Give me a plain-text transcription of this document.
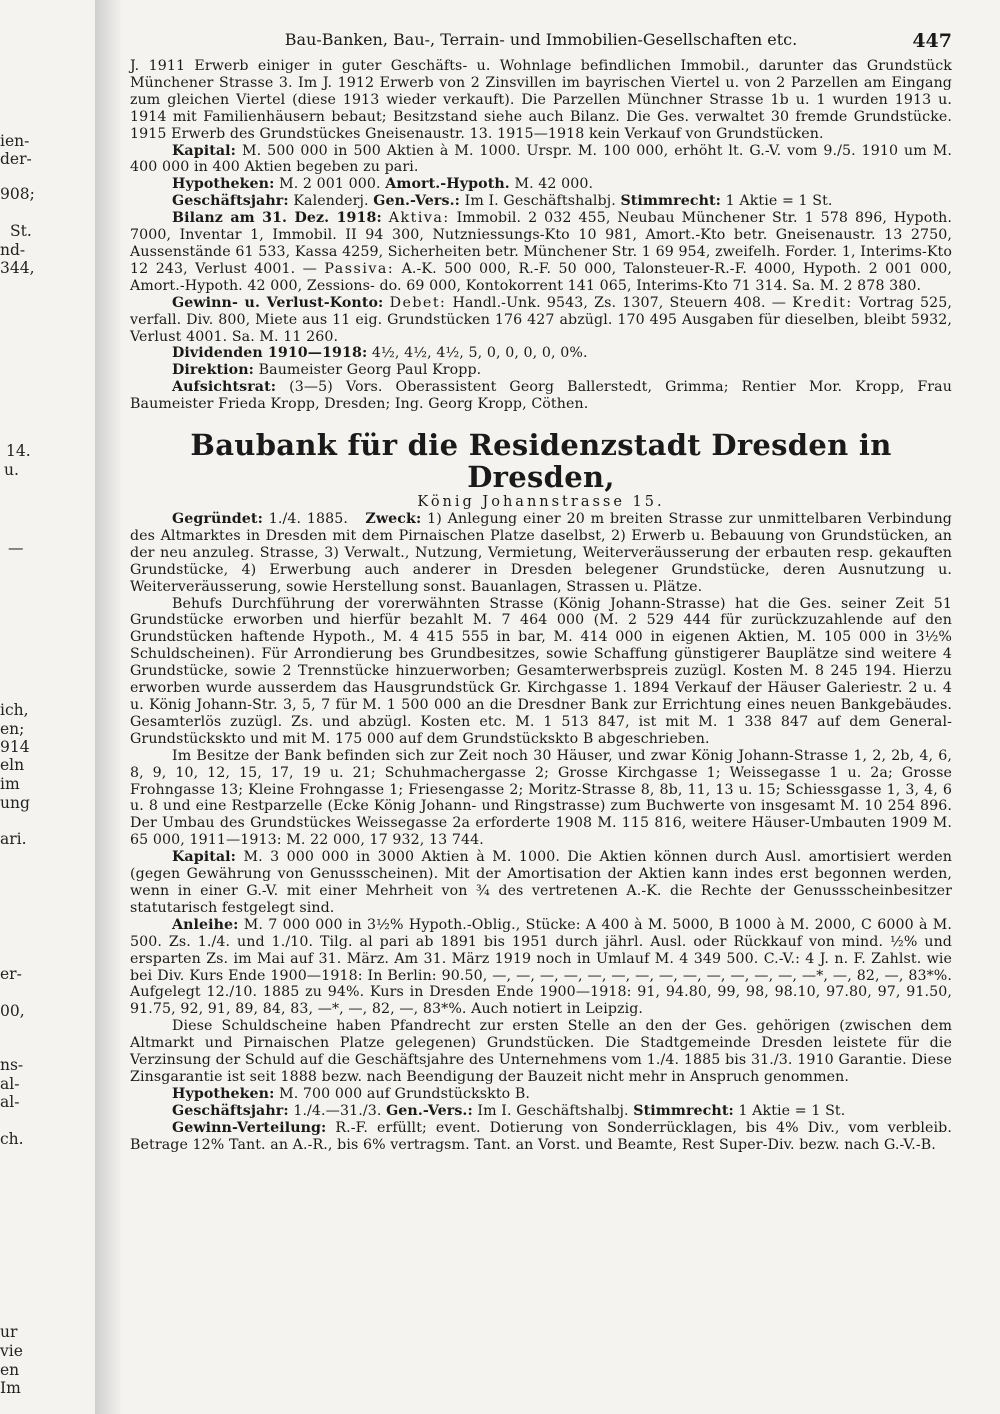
ien-
der-
908;
St.
nd-
344,
14.
u.
—
ich,
en;
914
eln
im
ung
ari.
er-
00,
ns-
al-
al-
ch.
ur
vie
en
Im
Bau-Banken, Bau-, Terrain- und Immobilien-Gesellschaften etc.	447

J. 1911 Erwerb einiger in guter Geschäfts- u. Wohnlage befindlichen Immobil., darunter das Grundstück Münchener Strasse 3. Im J. 1912 Erwerb von 2 Zinsvillen im bayrischen Viertel u. von 2 Parzellen am Eingang zum gleichen Viertel (diese 1913 wieder verkauft). Die Parzellen Münchner Strasse 1b u. 1 wurden 1913 u. 1914 mit Familienhäusern bebaut; Besitzstand siehe auch Bilanz. Die Ges. verwaltet 30 fremde Grundstücke. 1915 Erwerb des Grundstückes Gneisenaustr. 13. 1915—1918 kein Verkauf von Grundstücken.

Kapital: M. 500 000 in 500 Aktien à M. 1000. Urspr. M. 100 000, erhöht lt. G.-V. vom 9./5. 1910 um M. 400 000 in 400 Aktien begeben zu pari.

Hypotheken: M. 2 001 000. Amort.-Hypoth. M. 42 000.

Geschäftsjahr: Kalenderj. Gen.-Vers.: Im I. Geschäftshalbj. Stimmrecht: 1 Aktie = 1 St.

Bilanz am 31. Dez. 1918: Aktiva: Immobil. 2 032 455, Neubau Münchener Str. 1 578 896, Hypoth. 7000, Inventar 1, Immobil. II 94 300, Nutzniessungs-Kto 10 981, Amort.-Kto betr. Gneisenaustr. 13 2750, Aussenstände 61 533, Kassa 4259, Sicherheiten betr. Münchener Str. 1 69 954, zweifelh. Forder. 1, Interims-Kto 12 243, Verlust 4001. — Passiva: A.-K. 500 000, R.-F. 50 000, Talonsteuer-R.-F. 4000, Hypoth. 2 001 000, Amort.-Hypoth. 42 000, Zessions- do. 69 000, Kontokorrent 141 065, Interims-Kto 71 314. Sa. M. 2 878 380.

Gewinn- u. Verlust-Konto: Debet: Handl.-Unk. 9543, Zs. 1307, Steuern 408. — Kredit: Vortrag 525, verfall. Div. 800, Miete aus 11 eig. Grundstücken 176 427 abzügl. 170 495 Ausgaben für dieselben, bleibt 5932, Verlust 4001. Sa. M. 11 260.

Dividenden 1910—1918: 4½, 4½, 4½, 5, 0, 0, 0, 0, 0%.

Direktion: Baumeister Georg Paul Kropp.

Aufsichtsrat: (3—5) Vors. Oberassistent Georg Ballerstedt, Grimma; Rentier Mor. Kropp, Frau Baumeister Frieda Kropp, Dresden; Ing. Georg Kropp, Cöthen.

Baubank für die Residenzstadt Dresden in Dresden,

König Johannstrasse 15.

Gegründet: 1./4. 1885. Zweck: 1) Anlegung einer 20 m breiten Strasse zur unmittelbaren Verbindung des Altmarktes in Dresden mit dem Pirnaischen Platze daselbst, 2) Erwerb u. Bebauung von Grundstücken, an der neu anzuleg. Strasse, 3) Verwalt., Nutzung, Vermietung, Weiterveräusserung der erbauten resp. gekauften Grundstücke, 4) Erwerbung auch anderer in Dresden belegener Grundstücke, deren Ausnutzung u. Weiterveräusserung, sowie Herstellung sonst. Bauanlagen, Strassen u. Plätze.

Behufs Durchführung der vorerwähnten Strasse (König Johann-Strasse) hat die Ges. seiner Zeit 51 Grundstücke erworben und hierfür bezahlt M. 7 464 000 (M. 2 529 444 für zurückzuzahlende auf den Grundstücken haftende Hypoth., M. 4 415 555 in bar, M. 414 000 in eigenen Aktien, M. 105 000 in 3½% Schuldscheinen). Für Arrondierung bes Grundbesitzes, sowie Schaffung günstigerer Bauplätze sind weitere 4 Grundstücke, sowie 2 Trennstücke hinzuerworben; Gesamterwerbspreis zuzügl. Kosten M. 8 245 194. Hierzu erworben wurde ausserdem das Hausgrundstück Gr. Kirchgasse 1. 1894 Verkauf der Häuser Galeriestr. 2 u. 4 u. König Johann-Str. 3, 5, 7 für M. 1 500 000 an die Dresdner Bank zur Errichtung eines neuen Bankgebäudes. Gesamterlös zuzügl. Zs. und abzügl. Kosten etc. M. 1 513 847, ist mit M. 1 338 847 auf dem General-Grundstückskto und mit M. 175 000 auf dem Grundstückskto B abgeschrieben.

Im Besitze der Bank befinden sich zur Zeit noch 30 Häuser, und zwar König Johann-Strasse 1, 2, 2b, 4, 6, 8, 9, 10, 12, 15, 17, 19 u. 21; Schuhmachergasse 2; Grosse Kirchgasse 1; Weissegasse 1 u. 2a; Grosse Frohngasse 13; Kleine Frohngasse 1; Friesengasse 2; Moritz-Strasse 8, 8b, 11, 13 u. 15; Schiessgasse 1, 3, 4, 6 u. 8 und eine Restparzelle (Ecke König Johann- und Ringstrasse) zum Buchwerte von insgesamt M. 10 254 896. Der Umbau des Grundstückes Weissegasse 2a erforderte 1908 M. 115 816, weitere Häuser-Umbauten 1909 M. 65 000, 1911—1913: M. 22 000, 17 932, 13 744.

Kapital: M. 3 000 000 in 3000 Aktien à M. 1000. Die Aktien können durch Ausl. amortisiert werden (gegen Gewährung von Genussscheinen). Mit der Amortisation der Aktien kann indes erst begonnen werden, wenn in einer G.-V. mit einer Mehrheit von ¾ des vertretenen A.-K. die Rechte der Genussscheinbesitzer statutarisch festgelegt sind.

Anleihe: M. 7 000 000 in 3½% Hypoth.-Oblig., Stücke: A 400 à M. 5000, B 1000 à M. 2000, C 6000 à M. 500. Zs. 1./4. und 1./10. Tilg. al pari ab 1891 bis 1951 durch jährl. Ausl. oder Rückkauf von mind. ½% und ersparten Zs. im Mai auf 31. März. Am 31. März 1919 noch in Umlauf M. 4 349 500. C.-V.: 4 J. n. F. Zahlst. wie bei Div. Kurs Ende 1900—1918: In Berlin: 90.50, —, —, —, —, —, —, —, —, —, —, —, —, —, —*, —, 82, —, 83*%. Aufgelegt 12./10. 1885 zu 94%. Kurs in Dresden Ende 1900—1918: 91, 94.80, 99, 98, 98.10, 97.80, 97, 91.50, 91.75, 92, 91, 89, 84, 83, —*, —, 82, —, 83*%. Auch notiert in Leipzig.

Diese Schuldscheine haben Pfandrecht zur ersten Stelle an den der Ges. gehörigen (zwischen dem Altmarkt und Pirnaischen Platze gelegenen) Grundstücken. Die Stadtgemeinde Dresden leistete für die Verzinsung der Schuld auf die Geschäftsjahre des Unternehmens vom 1./4. 1885 bis 31./3. 1910 Garantie. Diese Zinsgarantie ist seit 1888 bezw. nach Beendigung der Bauzeit nicht mehr in Anspruch genommen.

Hypotheken: M. 700 000 auf Grundstückskto B.

Geschäftsjahr: 1./4.—31./3. Gen.-Vers.: Im I. Geschäftshalbj. Stimmrecht: 1 Aktie = 1 St.

Gewinn-Verteilung: R.-F. erfüllt; event. Dotierung von Sonderrücklagen, bis 4% Div., vom verbleib. Betrage 12% Tant. an A.-R., bis 6% vertragsm. Tant. an Vorst. und Beamte, Rest Super-Div. bezw. nach G.-V.-B.
